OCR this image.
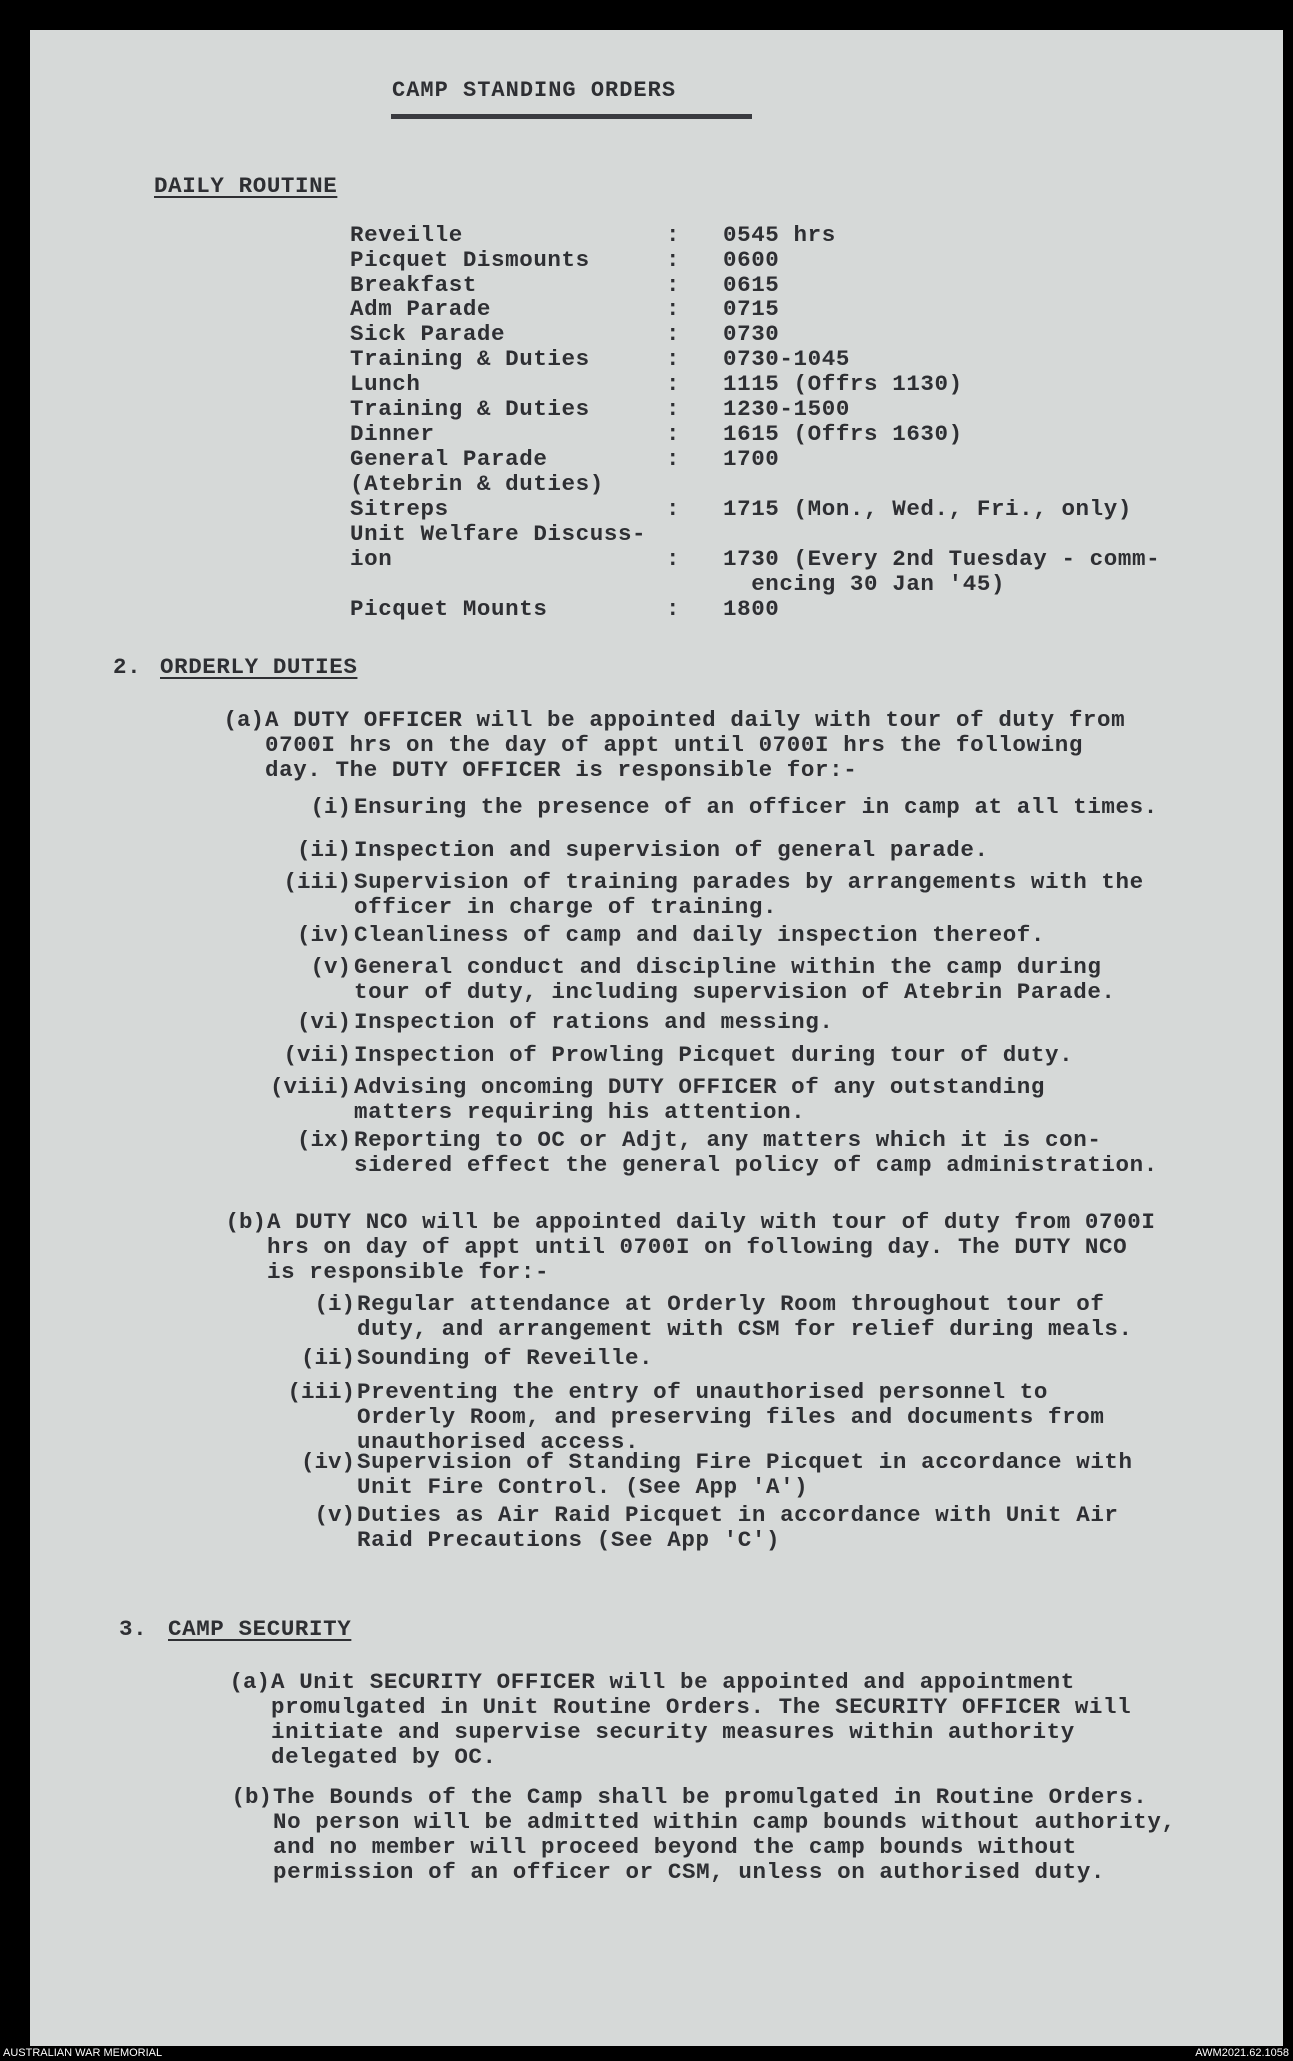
CAMP STANDING ORDERS
DAILY ROUTINE
Reveille	: 0545 hrs
Picquet Dismounts	: 0600
Breakfast	: 0615
Adm Parade	: 0715
Sick Parade	: 0730
Training & Duties	: 0730-1045
Lunch	: 1115 (Offrs 1130)
Training & Duties	: 1230-1500
Dinner	: 1615 (Offrs 1630)
General Parade	: 1700
(Atebrin & duties)
Sitreps	: 1715 (Mon., Wed., Fri., only)
Unit Welfare Discuss-
ion	: 1730 (Every 2nd Tuesday - comm-
encing 30 Jan '45)
Picquet Mounts	: 1800
2. ORDERLY DUTIES
(a) A DUTY OFFICER will be appointed daily with tour of duty from
0700I hrs on the day of appt until 0700I hrs the following
day. The DUTY OFFICER is responsible for:-
(i) Ensuring the presence of an officer in camp at all times.
(ii) Inspection and supervision of general parade.
(iii) Supervision of training parades by arrangements with the
officer in charge of training.
(iv) Cleanliness of camp and daily inspection thereof.
(v) General conduct and discipline within the camp during
tour of duty, including supervision of Atebrin Parade.
(vi) Inspection of rations and messing.
(vii) Inspection of Prowling Picquet during tour of duty.
(viii) Advising oncoming DUTY OFFICER of any outstanding
matters requiring his attention.
(ix) Reporting to OC or Adjt, any matters which it is con-
sidered effect the general policy of camp administration.
(b) A DUTY NCO will be appointed daily with tour of duty from 0700I
hrs on day of appt until 0700I on following day. The DUTY NCO
is responsible for:-
(i) Regular attendance at Orderly Room throughout tour of
duty, and arrangement with CSM for relief during meals.
(ii) Sounding of Reveille.
(iii) Preventing the entry of unauthorised personnel to
Orderly Room, and preserving files and documents from
unauthorised access.
(iv) Supervision of Standing Fire Picquet in accordance with
Unit Fire Control. (See App 'A')
(v) Duties as Air Raid Picquet in accordance with Unit Air
Raid Precautions (See App 'C')
3. CAMP SECURITY
(a) A Unit SECURITY OFFICER will be appointed and appointment
promulgated in Unit Routine Orders. The SECURITY OFFICER will
initiate and supervise security measures within authority
delegated by OC.
(b) The Bounds of the Camp shall be promulgated in Routine Orders.
No person will be admitted within camp bounds without authority,
and no member will proceed beyond the camp bounds without
permission of an officer or CSM, unless on authorised duty.
AUSTRALIAN WAR MEMORIAL	AWM2021.62.1058
